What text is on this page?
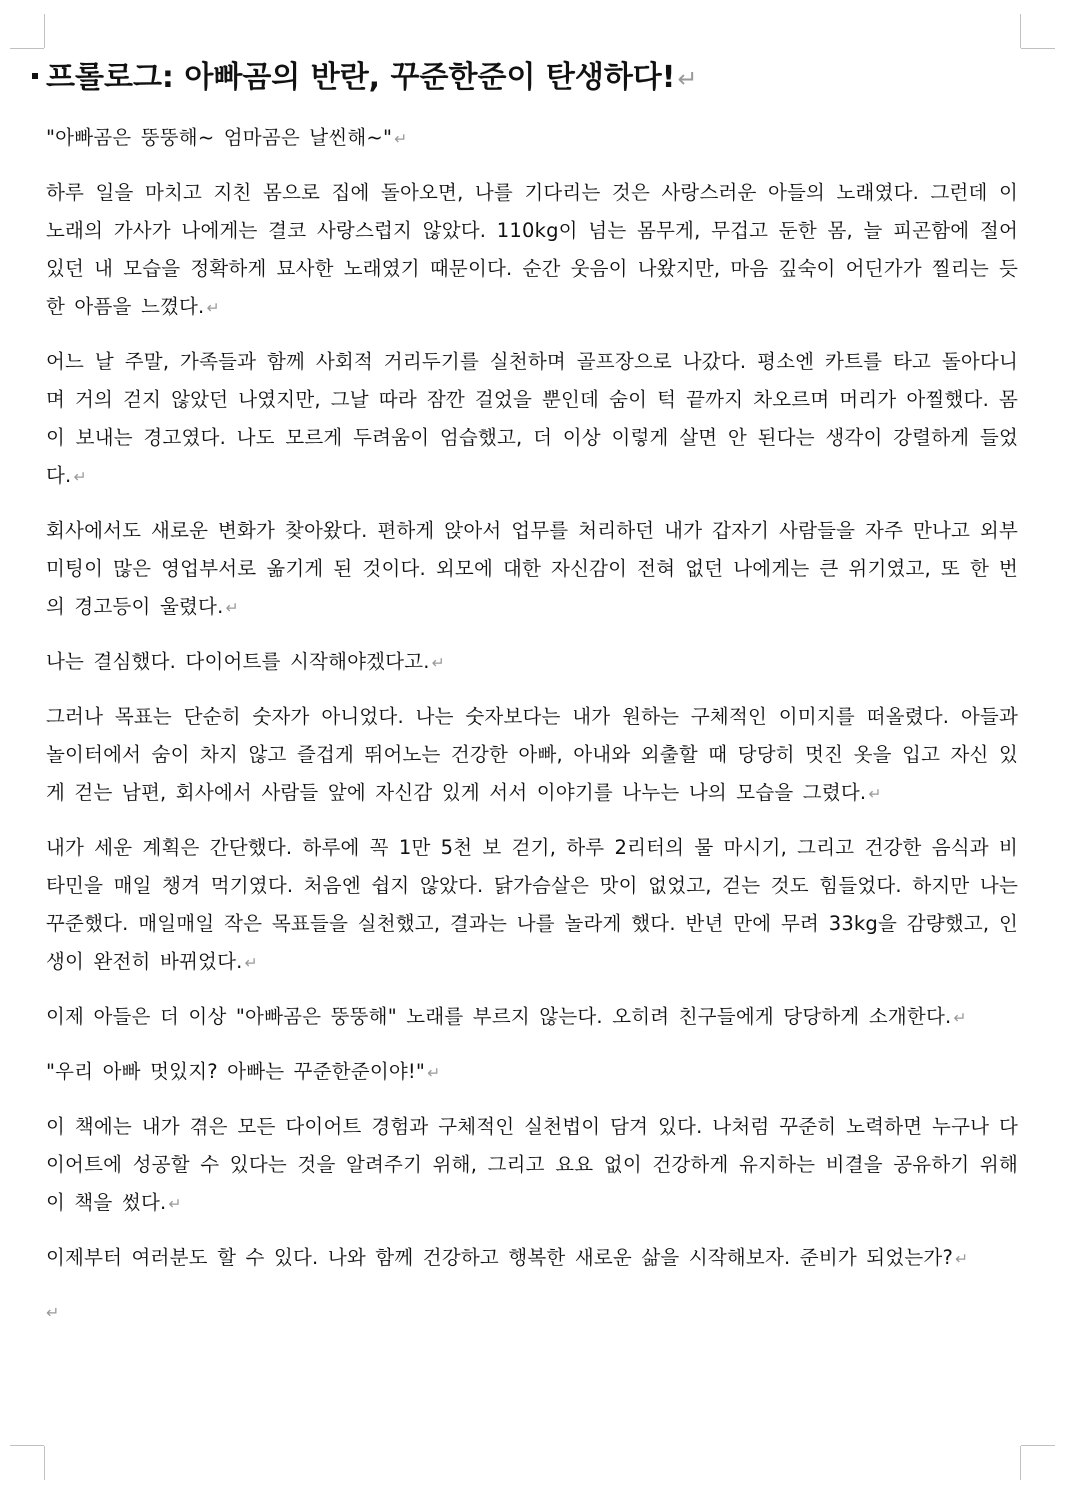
프롤로그: 아빠곰의 반란, 꾸준한준이 탄생하다!↵

"아빠곰은 뚱뚱해~ 엄마곰은 날씬해~" ↵

하루 일을 마치고 지친 몸으로 집에 돌아오면, 나를 기다리는 것은 사랑스러운 아들의 노래였다. 그런데 이 노래의 가사가 나에게는 결코 사랑스럽지 않았다. 110kg이 넘는 몸무게, 무겁고 둔한 몸, 늘 피곤함에 절어있던 내 모습을 정확하게 묘사한 노래였기 때문이다. 순간 웃음이 나왔지만, 마음 깊숙이 어딘가가 찔리는 듯한 아픔을 느꼈다. ↵

어느 날 주말, 가족들과 함께 사회적 거리두기를 실천하며 골프장으로 나갔다. 평소엔 카트를 타고 돌아다니며 거의 걷지 않았던 나였지만, 그날 따라 잠깐 걸었을 뿐인데 숨이 턱 끝까지 차오르며 머리가 아찔했다. 몸이 보내는 경고였다. 나도 모르게 두려움이 엄습했고, 더 이상 이렇게 살면 안 된다는 생각이 강렬하게 들었다. ↵

회사에서도 새로운 변화가 찾아왔다. 편하게 앉아서 업무를 처리하던 내가 갑자기 사람들을 자주 만나고 외부 미팅이 많은 영업부서로 옮기게 된 것이다. 외모에 대한 자신감이 전혀 없던 나에게는 큰 위기였고, 또 한 번의 경고등이 울렸다. ↵

나는 결심했다. 다이어트를 시작해야겠다고. ↵

그러나 목표는 단순히 숫자가 아니었다. 나는 숫자보다는 내가 원하는 구체적인 이미지를 떠올렸다. 아들과 놀이터에서 숨이 차지 않고 즐겁게 뛰어노는 건강한 아빠, 아내와 외출할 때 당당히 멋진 옷을 입고 자신 있게 걷는 남편, 회사에서 사람들 앞에 자신감 있게 서서 이야기를 나누는 나의 모습을 그렸다. ↵

내가 세운 계획은 간단했다. 하루에 꼭 1만 5천 보 걷기, 하루 2리터의 물 마시기, 그리고 건강한 음식과 비타민을 매일 챙겨 먹기였다. 처음엔 쉽지 않았다. 닭가슴살은 맛이 없었고, 걷는 것도 힘들었다. 하지만 나는 꾸준했다. 매일매일 작은 목표들을 실천했고, 결과는 나를 놀라게 했다. 반년 만에 무려 33kg을 감량했고, 인생이 완전히 바뀌었다. ↵

이제 아들은 더 이상 "아빠곰은 뚱뚱해" 노래를 부르지 않는다. 오히려 친구들에게 당당하게 소개한다. ↵

"우리 아빠 멋있지? 아빠는 꾸준한준이야!" ↵

이 책에는 내가 겪은 모든 다이어트 경험과 구체적인 실천법이 담겨 있다. 나처럼 꾸준히 노력하면 누구나 다이어트에 성공할 수 있다는 것을 알려주기 위해, 그리고 요요 없이 건강하게 유지하는 비결을 공유하기 위해 이 책을 썼다. ↵

이제부터 여러분도 할 수 있다. 나와 함께 건강하고 행복한 새로운 삶을 시작해보자. 준비가 되었는가? ↵

↵
